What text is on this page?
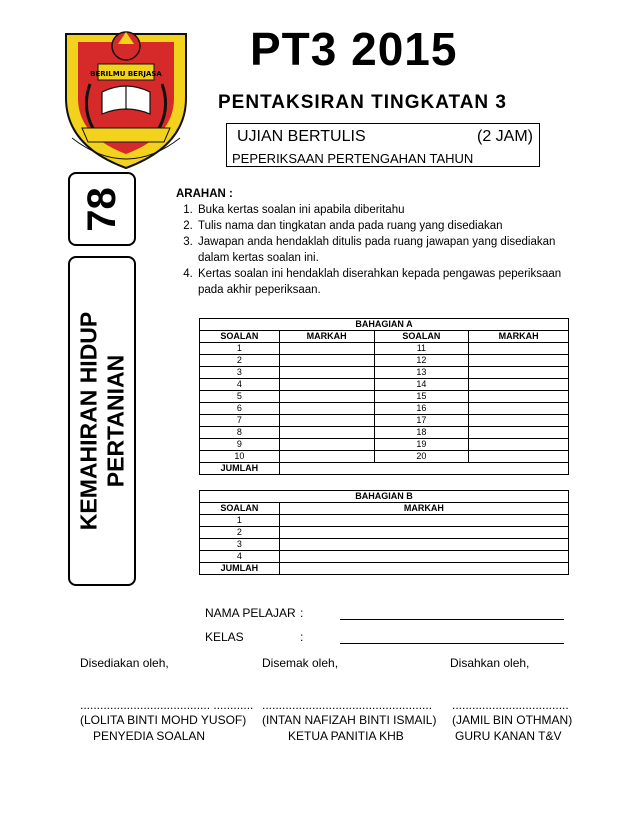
BERILMU BERJASA PT3 2015
PENTAKSIRAN TINGKATAN 3
UJIAN BERTULIS	(2 JAM)
PEPERIKSAAN PERTENGAHAN TAHUN
78
KEMAHIRAN HIDUP PERTANIAN
ARAHAN :
1. Buka kertas soalan ini apabila diberitahu
2. Tulis nama dan tingkatan anda pada ruang yang disediakan
3. Jawapan anda hendaklah ditulis pada ruang jawapan yang disediakan dalam kertas soalan ini.
4. Kertas soalan ini hendaklah diserahkan kepada pengawas peperiksaan pada akhir peperiksaan.
BAHAGIAN A			
SOALAN	MARKAH	SOALAN	MARKAH
1		11	
2		12	
3		13	
4		14	
5		15	
6		16	
7		17	
8		18	
9		19	
10		20	
JUMLAH			
BAHAGIAN B	
SOALAN	MARKAH
1	
2	
3	
4	
JUMLAH	
NAMA PELAJAR :
KELAS	:
Disediakan oleh,	Disemak oleh,	Disahkan oleh,
....................................... ............ ................................................... ...................................
(LOLITA BINTI MOHD YUSOF) (INTAN NAFIZAH BINTI ISMAIL) (JAMIL BIN OTHMAN)
PENYEDIA SOALAN	KETUA PANITIA KHB	GURU KANAN T&V
